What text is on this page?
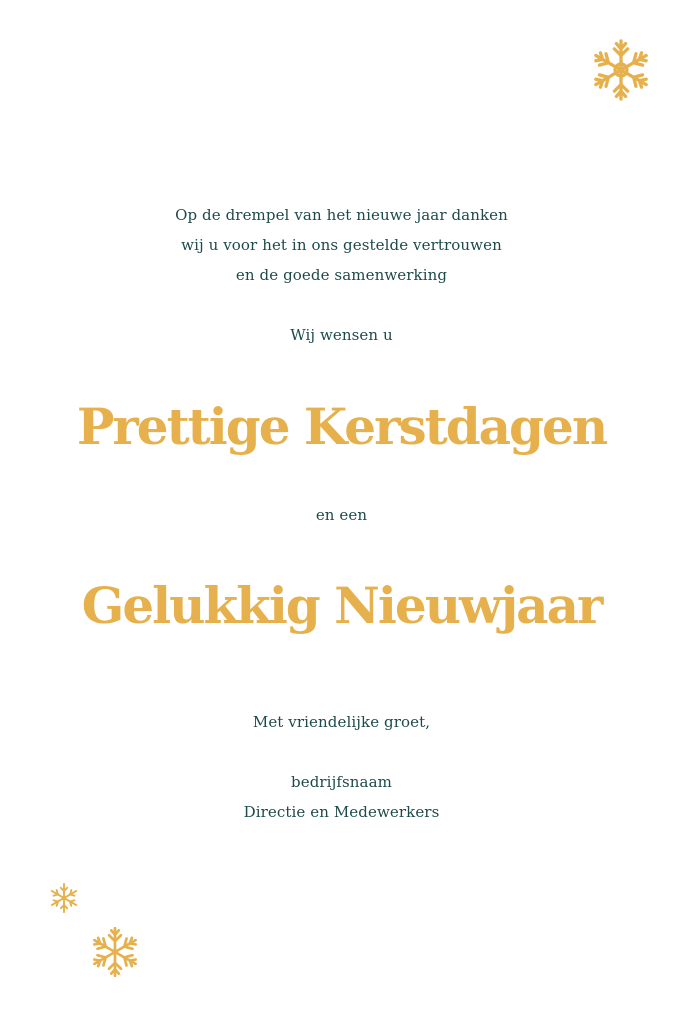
Op de drempel van het nieuwe jaar danken
wij u voor het in ons gestelde vertrouwen
en de goede samenwerking
Wij wensen u
Prettige Kerstdagen
en een
Gelukkig Nieuwjaar
Met vriendelijke groet,
bedrijfsnaam
Directie en Medewerkers
